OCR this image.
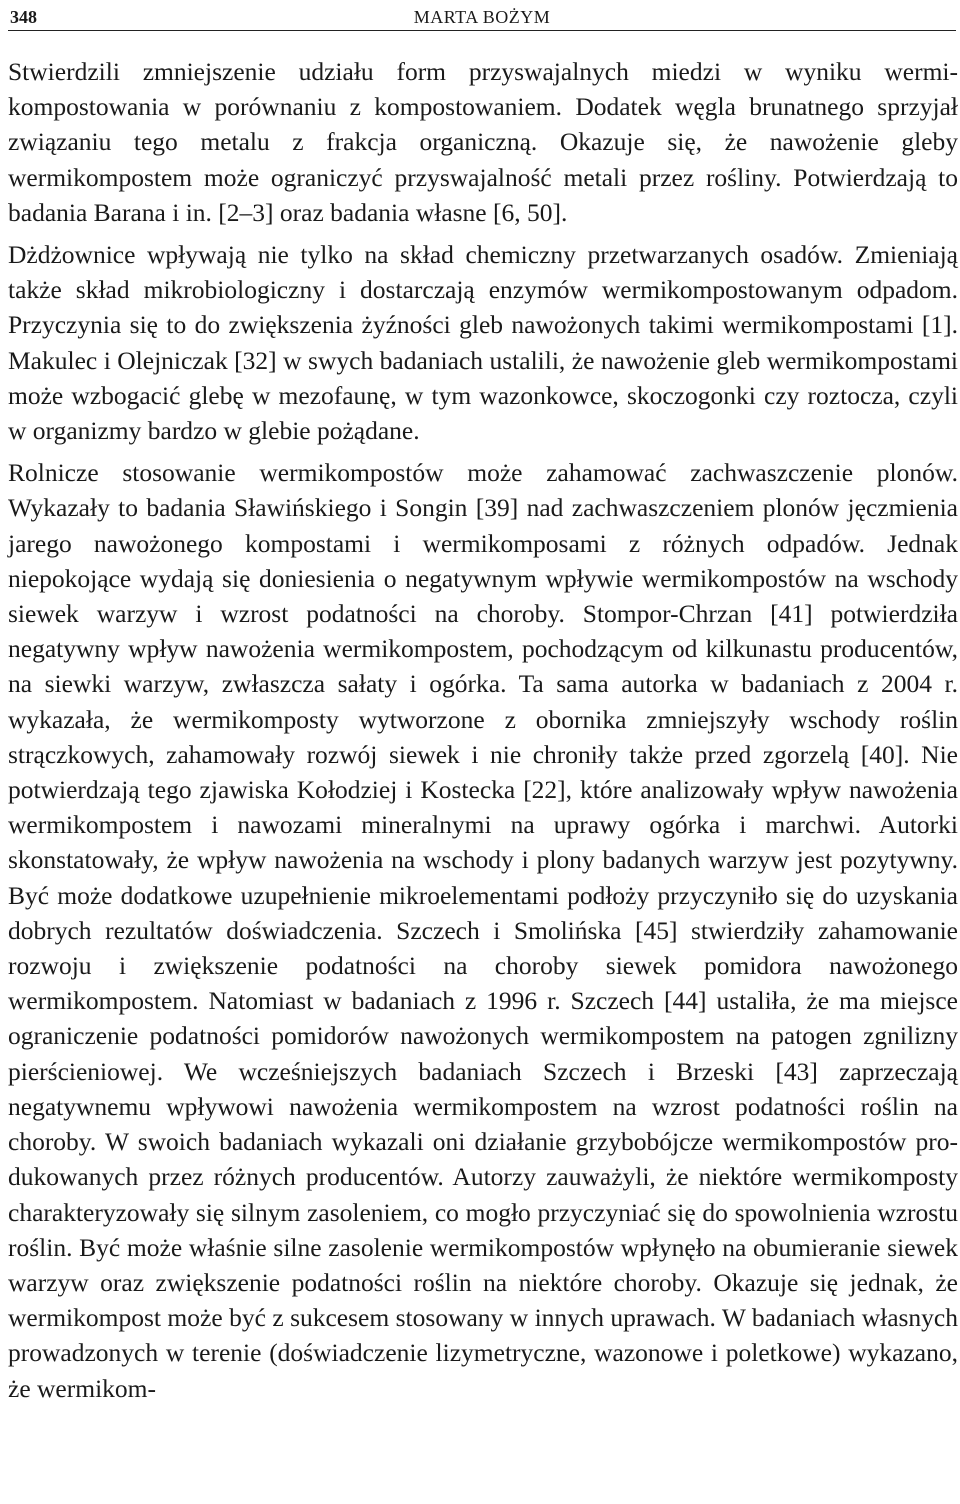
348	MARTA BOŻYM

Stwierdzili zmniejszenie udziału form przyswajalnych miedzi w wyniku wermikompostowania w porównaniu z kompostowaniem. Dodatek węgla brunatnego sprzyjał związaniu tego metalu z frakcja organiczną. Okazuje się, że nawożenie gleby wermikompostem może ograniczyć przyswajalność metali przez rośliny. Potwierdzają to badania Barana i in. [2–3] oraz badania własne [6, 50].

Dżdżownice wpływają nie tylko na skład chemiczny przetwarzanych osadów. Zmieniają także skład mikrobiologiczny i dostarczają enzymów wermikompostowanym odpadom. Przyczynia się to do zwiększenia żyźności gleb nawożonych takimi wermikompostami [1]. Makulec i Olejniczak [32] w swych badaniach ustalili, że nawożenie gleb wermikompostami może wzbogacić glebę w mezofaunę, w tym wazonkowce, skoczogonki czy roztocza, czyli w organizmy bardzo w glebie pożądane.

Rolnicze stosowanie wermikompostów może zahamować zachwaszczenie plonów. Wykazały to badania Sławińskiego i Songin [39] nad zachwaszczeniem plonów jęczmienia jarego nawożonego kompostami i wermikomposami z różnych odpadów. Jednak niepokojące wydają się doniesienia o negatywnym wpływie wermikompostów na wschody siewek warzyw i wzrost podatności na choroby. Stompor-Chrzan [41] potwierdziła negatywny wpływ nawożenia wermikompostem, pochodzącym od kilkunastu producentów, na siewki warzyw, zwłaszcza sałaty i ogórka. Ta sama autorka w badaniach z 2004 r. wykazała, że wermikomposty wytworzone z obornika zmniejszyły wschody roślin strączkowych, zahamowały rozwój siewek i nie chroniły także przed zgorzelą [40]. Nie potwierdzają tego zjawiska Kołodziej i Kostecka [22], które analizowały wpływ nawożenia wermikompostem i nawozami mineralnymi na uprawy ogórka i marchwi. Autorki skonstatowały, że wpływ nawożenia na wschody i plony badanych warzyw jest pozytywny. Być może dodatkowe uzupełnienie mikroelementami podłoży przyczyniło się do uzyskania dobrych rezultatów doświadczenia. Szczech i Smolińska [45] stwierdziły zahamowanie rozwoju i zwiększenie podatności na choroby siewek pomidora nawożonego wermikompostem. Natomiast w badaniach z 1996 r. Szczech [44] ustaliła, że ma miejsce ograniczenie podatności pomidorów nawożonych wermikompostem na patogen zgnilizny pierścieniowej. We wcześniejszych badaniach Szczech i Brzeski [43] zaprzeczają negatywnemu wpływowi nawożenia wermikompostem na wzrost podatności roślin na choroby. W swoich badaniach wykazali oni działanie grzybobójcze wermikompostów produkowanych przez różnych producentów. Autorzy zauważyli, że niektóre wermikomposty charakteryzowały się silnym zasoleniem, co mogło przyczyniać się do spowolnienia wzrostu roślin. Być może właśnie silne zasolenie wermikompostów wpłynęło na obumieranie siewek warzyw oraz zwiększenie podatności roślin na niektóre choroby. Okazuje się jednak, że wermikompost może być z sukcesem stosowany w innych uprawach. W badaniach własnych prowadzonych w terenie (doświadczenie lizymetryczne, wazonowe i poletkowe) wykazano, że wermikom-
